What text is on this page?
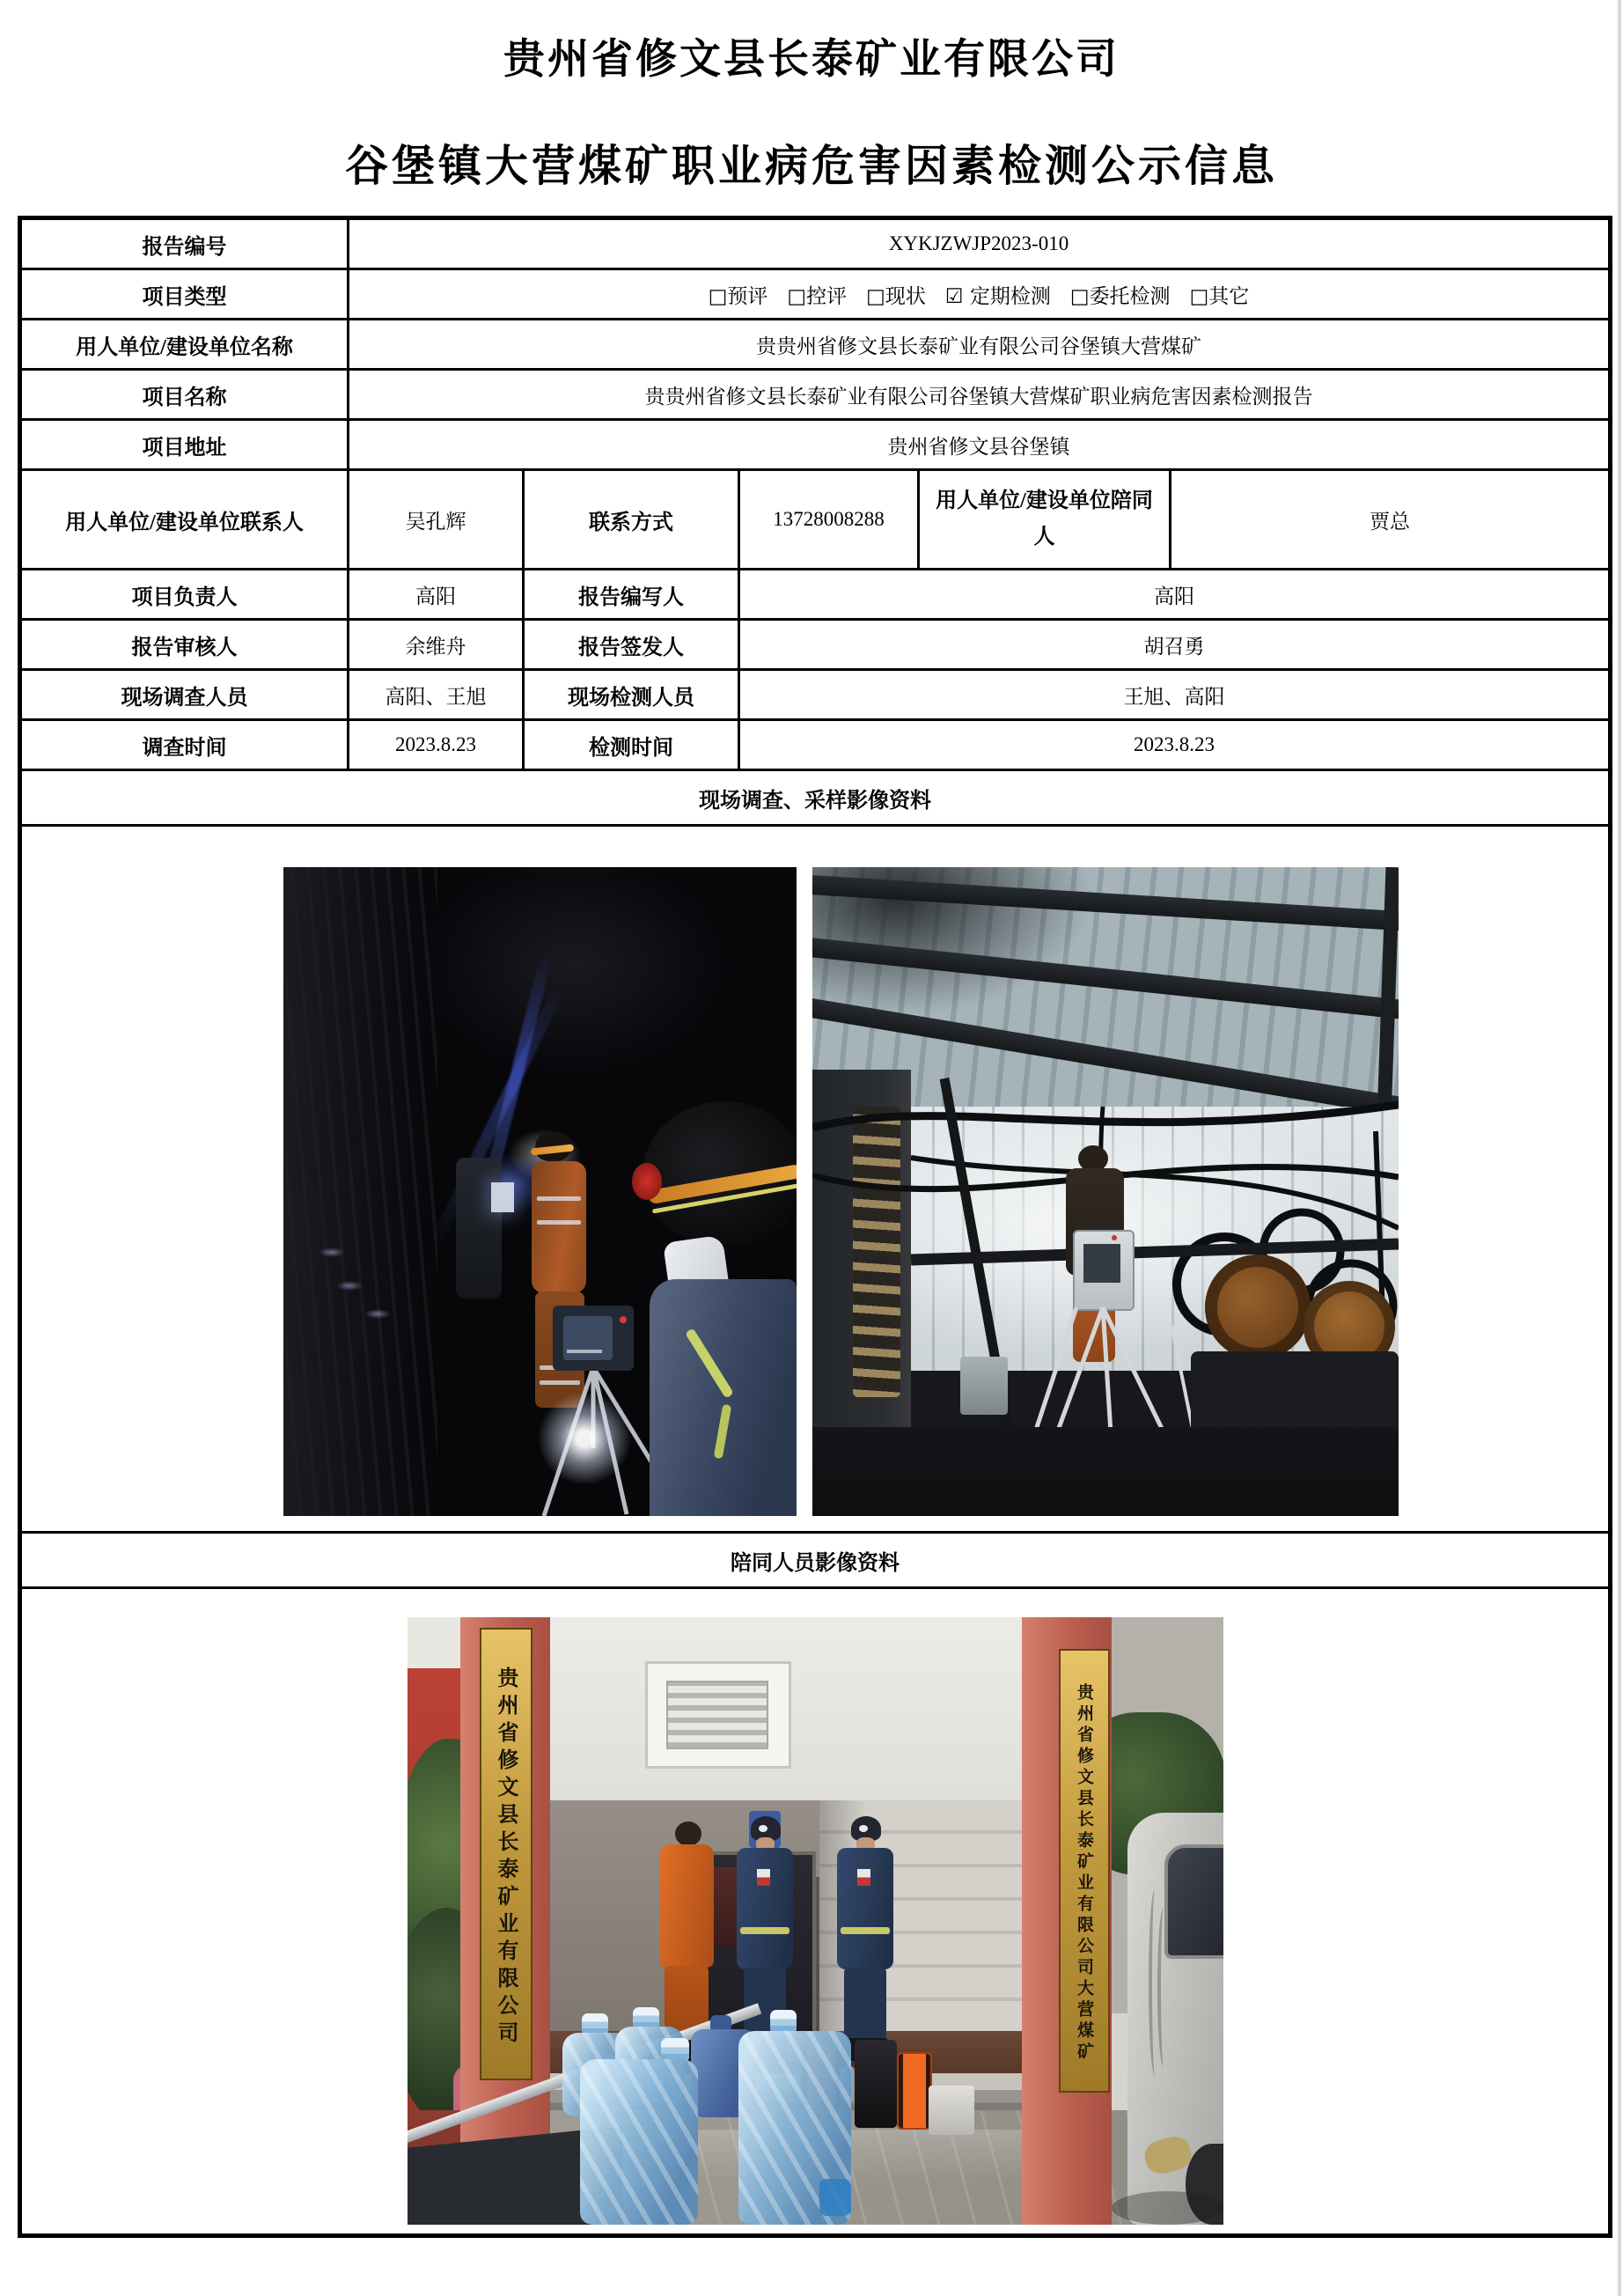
贵州省修文县长泰矿业有限公司
谷堡镇大营煤矿职业病危害因素检测公示信息
报告编号	XYKJZWJP2023-010				
项目类型	□预评 □控评 □现状 ☑ 定期检测 □委托检测 □其它

用人单位/建设单位名称	贵贵州省修文县长泰矿业有限公司谷堡镇大营煤矿				
项目名称	贵贵州省修文县长泰矿业有限公司谷堡镇大营煤矿职业病危害因素检测报告				
项目地址	贵州省修文县谷堡镇				
用人单位/建设单位联系人	吴孔辉	联系方式	13728008288	用人单位/建设单位陪同人	贾总
项目负责人	高阳	报告编写人	高阳		
报告审核人	余维舟	报告签发人	胡召勇		
现场调查人员	高阳、王旭	现场检测人员	王旭、高阳		
调查时间	2023.8.23	检测时间	2023.8.23		
现场调查、采样影像资料					

陪同人员影像资料					

贵州省修文县长泰矿业有限公司 贵州省修文县长泰矿业有限公司大营煤矿					
